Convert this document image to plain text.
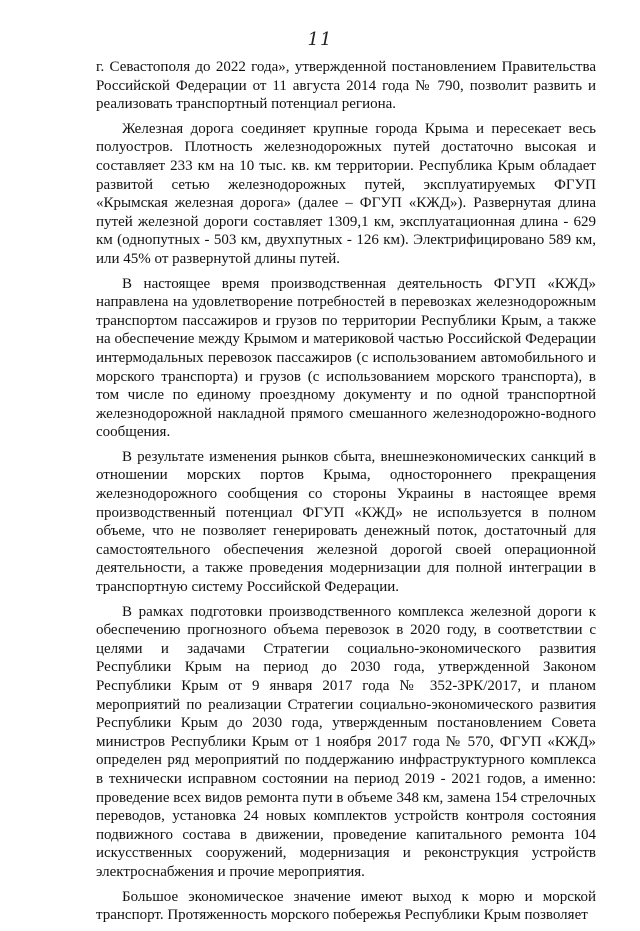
11

г. Севастополя до 2022 года», утвержденной постановлением Правительства Российской Федерации от 11 августа 2014 года № 790, позволит развить и реализовать транспортный потенциал региона.

Железная дорога соединяет крупные города Крыма и пересекает весь полуостров. Плотность железнодорожных путей достаточно высокая и составляет 233 км на 10 тыс. кв. км территории. Республика Крым обладает развитой сетью железнодорожных путей, эксплуатируемых ФГУП «Крымская железная дорога» (далее – ФГУП «КЖД»). Развернутая длина путей железной дороги составляет 1309,1 км, эксплуатационная длина - 629 км (однопутных - 503 км, двухпутных - 126 км). Электрифицировано 589 км, или 45% от развернутой длины путей.

В настоящее время производственная деятельность ФГУП «КЖД» направлена на удовлетворение потребностей в перевозках железнодорожным транспортом пассажиров и грузов по территории Республики Крым, а также на обеспечение между Крымом и материковой частью Российской Федерации интермодальных перевозок пассажиров (с использованием автомобильного и морского транспорта) и грузов (с использованием морского транспорта), в том числе по единому проездному документу и по одной транспортной железнодорожной накладной прямого смешанного железнодорожно-водного сообщения.

В результате изменения рынков сбыта, внешнеэкономических санкций в отношении морских портов Крыма, одностороннего прекращения железнодорожного сообщения со стороны Украины в настоящее время производственный потенциал ФГУП «КЖД» не используется в полном объеме, что не позволяет генерировать денежный поток, достаточный для самостоятельного обеспечения железной дорогой своей операционной деятельности, а также проведения модернизации для полной интеграции в транспортную систему Российской Федерации.

В рамках подготовки производственного комплекса железной дороги к обеспечению прогнозного объема перевозок в 2020 году, в соответствии с целями и задачами Стратегии социально-экономического развития Республики Крым на период до 2030 года, утвержденной Законом Республики Крым от 9 января 2017 года № 352-ЗРК/2017, и планом мероприятий по реализации Стратегии социально-экономического развития Республики Крым до 2030 года, утвержденным постановлением Совета министров Республики Крым от 1 ноября 2017 года № 570, ФГУП «КЖД» определен ряд мероприятий по поддержанию инфраструктурного комплекса в технически исправном состоянии на период 2019 - 2021 годов, а именно: проведение всех видов ремонта пути в объеме 348 км, замена 154 стрелочных переводов, установка 24 новых комплектов устройств контроля состояния подвижного состава в движении, проведение капитального ремонта 104 искусственных сооружений, модернизация и реконструкция устройств электроснабжения и прочие мероприятия.

Большое экономическое значение имеют выход к морю и морской транспорт. Протяженность морского побережья Республики Крым позволяет
